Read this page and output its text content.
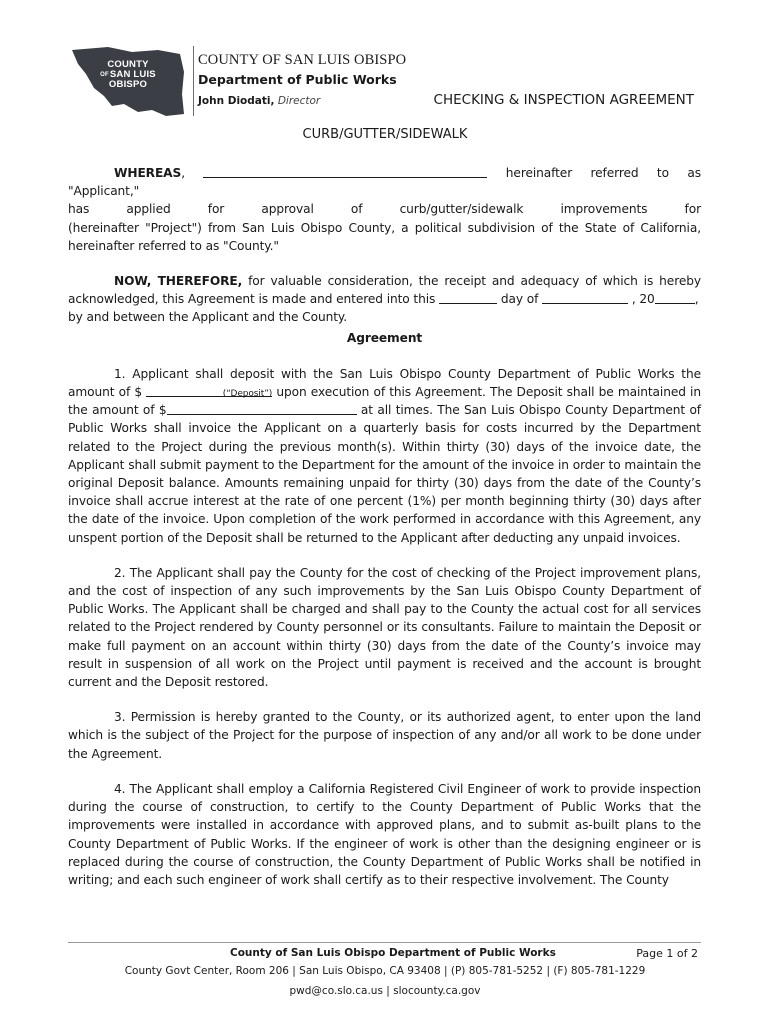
COUNTY
OFSAN LUIS
OBISPO
COUNTY OF SAN LUIS OBISPO
Department of Public Works
John Diodati, Director	CHECKING & INSPECTION AGREEMENT
CURB/GUTTER/SIDEWALK

WHEREAS,	hereinafter referred to as "Applicant,"

has	applied	for	approval	of	curb/gutter/sidewalk	improvements	for

(hereinafter "Project") from San Luis Obispo County, a political subdivision of the State of California, hereinafter referred to as "County."

NOW, THEREFORE, for valuable consideration, the receipt and adequacy of which is hereby acknowledged, this Agreement is made and entered into this	day of	, 20	,

by and between the Applicant and the County.

Agreement

1. Applicant shall deposit with the San Luis Obispo County Department of Public Works the amount of $	(“Deposit”) upon execution of this Agreement. The Deposit shall be maintained in the amount of $	at all times. The San Luis Obispo County Department of Public Works shall invoice the Applicant on a quarterly basis for costs incurred by the Department related to the Project during the previous month(s). Within thirty (30) days of the invoice date, the Applicant shall submit payment to the Department for the amount of the invoice in order to maintain the original Deposit balance. Amounts remaining unpaid for thirty (30) days from the date of the County’s invoice shall accrue interest at the rate of one percent (1%) per month beginning thirty (30) days after the date of the invoice. Upon completion of the work performed in accordance with this Agreement, any unspent portion of the Deposit shall be returned to the Applicant after deducting any unpaid invoices.

2. The Applicant shall pay the County for the cost of checking of the Project improvement plans, and the cost of inspection of any such improvements by the San Luis Obispo County Department of Public Works. The Applicant shall be charged and shall pay to the County the actual cost for all services related to the Project rendered by County personnel or its consultants. Failure to maintain the Deposit or make full payment on an account within thirty (30) days from the date of the County’s invoice may result in suspension of all work on the Project until payment is received and the account is brought current and the Deposit restored.

3. Permission is hereby granted to the County, or its authorized agent, to enter upon the land which is the subject of the Project for the purpose of inspection of any and/or all work to be done under the Agreement.

4. The Applicant shall employ a California Registered Civil Engineer of work to provide inspection during the course of construction, to certify to the County Department of Public Works that the improvements were installed in accordance with approved plans, and to submit as-built plans to the County Department of Public Works. If the engineer of work is other than the designing engineer or is replaced during the course of construction, the County Department of Public Works shall be notified in writing; and each such engineer of work shall certify as to their respective involvement. The County

County of San Luis Obispo Department of Public Works	Page 1 of 2
County Govt Center, Room 206 | San Luis Obispo, CA 93408 | (P) 805-781-5252 | (F) 805-781-1229
pwd@co.slo.ca.us | slocounty.ca.gov
